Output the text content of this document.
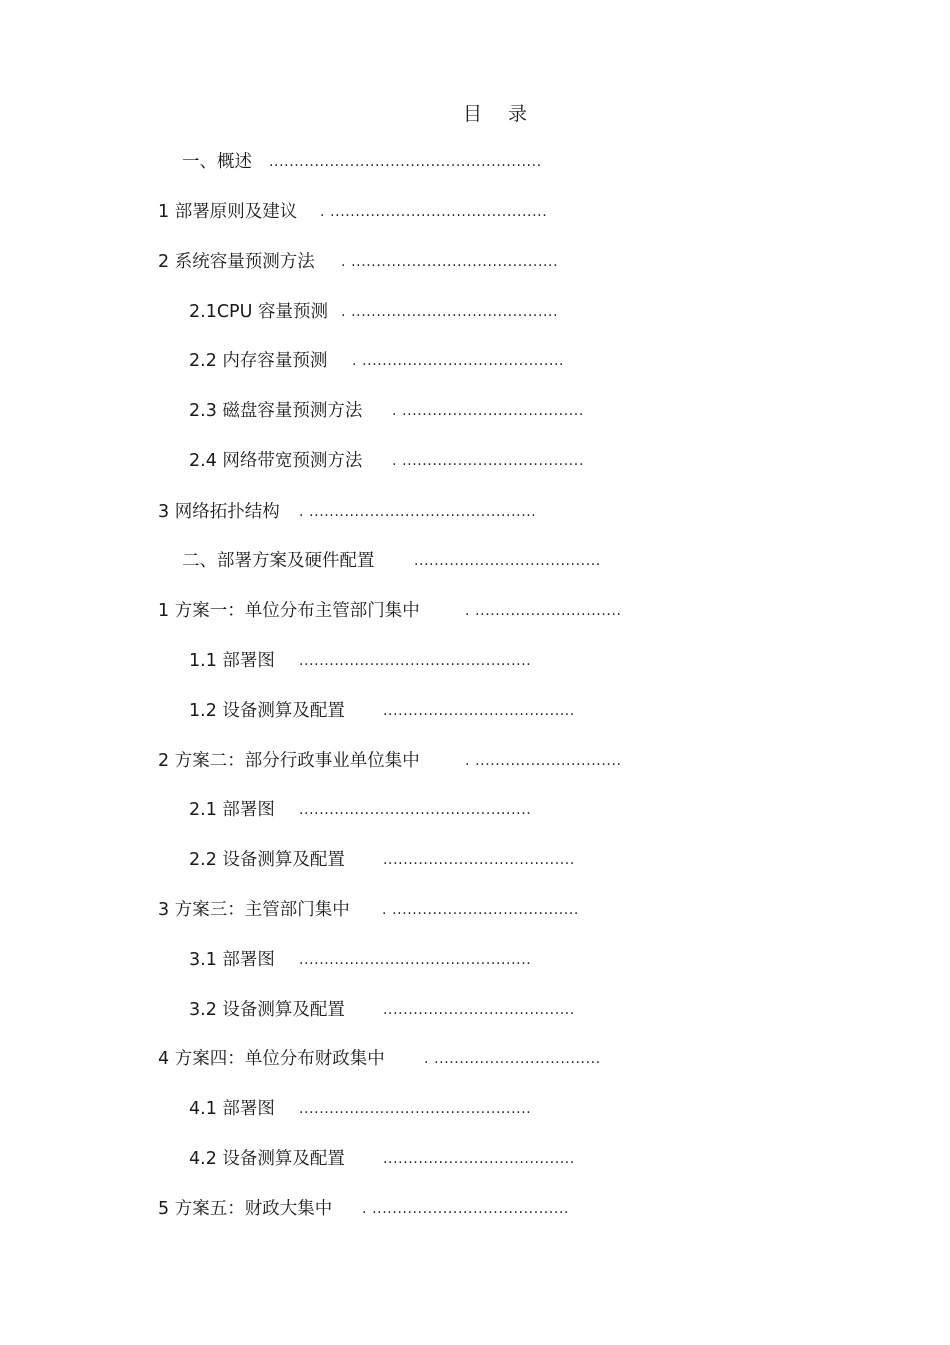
目 录
一、概述 ......................................................
1 部署原则及建议 . ...........................................
2 系统容量预测方法 . .........................................
2.1CPU 容量预测 . .........................................
2.2 内存容量预测 . ........................................
2.3 磁盘容量预测方法 . ....................................
2.4 网络带宽预测方法 . ....................................
3 网络拓扑结构 . .............................................
二、部署方案及硬件配置	.....................................
1 方案一：单位分布主管部门集中	. .............................
1.1 部署图 ..............................................
1.2 设备测算及配置	......................................
2 方案二：部分行政事业单位集中	. .............................
2.1 部署图 ..............................................
2.2 设备测算及配置	......................................
3 方案三：主管部门集中 . .....................................
3.1 部署图 ..............................................
3.2 设备测算及配置	......................................
4 方案四：单位分布财政集中	. .................................
4.1 部署图 ..............................................
4.2 设备测算及配置	......................................
5 方案五：财政大集中 . .......................................
